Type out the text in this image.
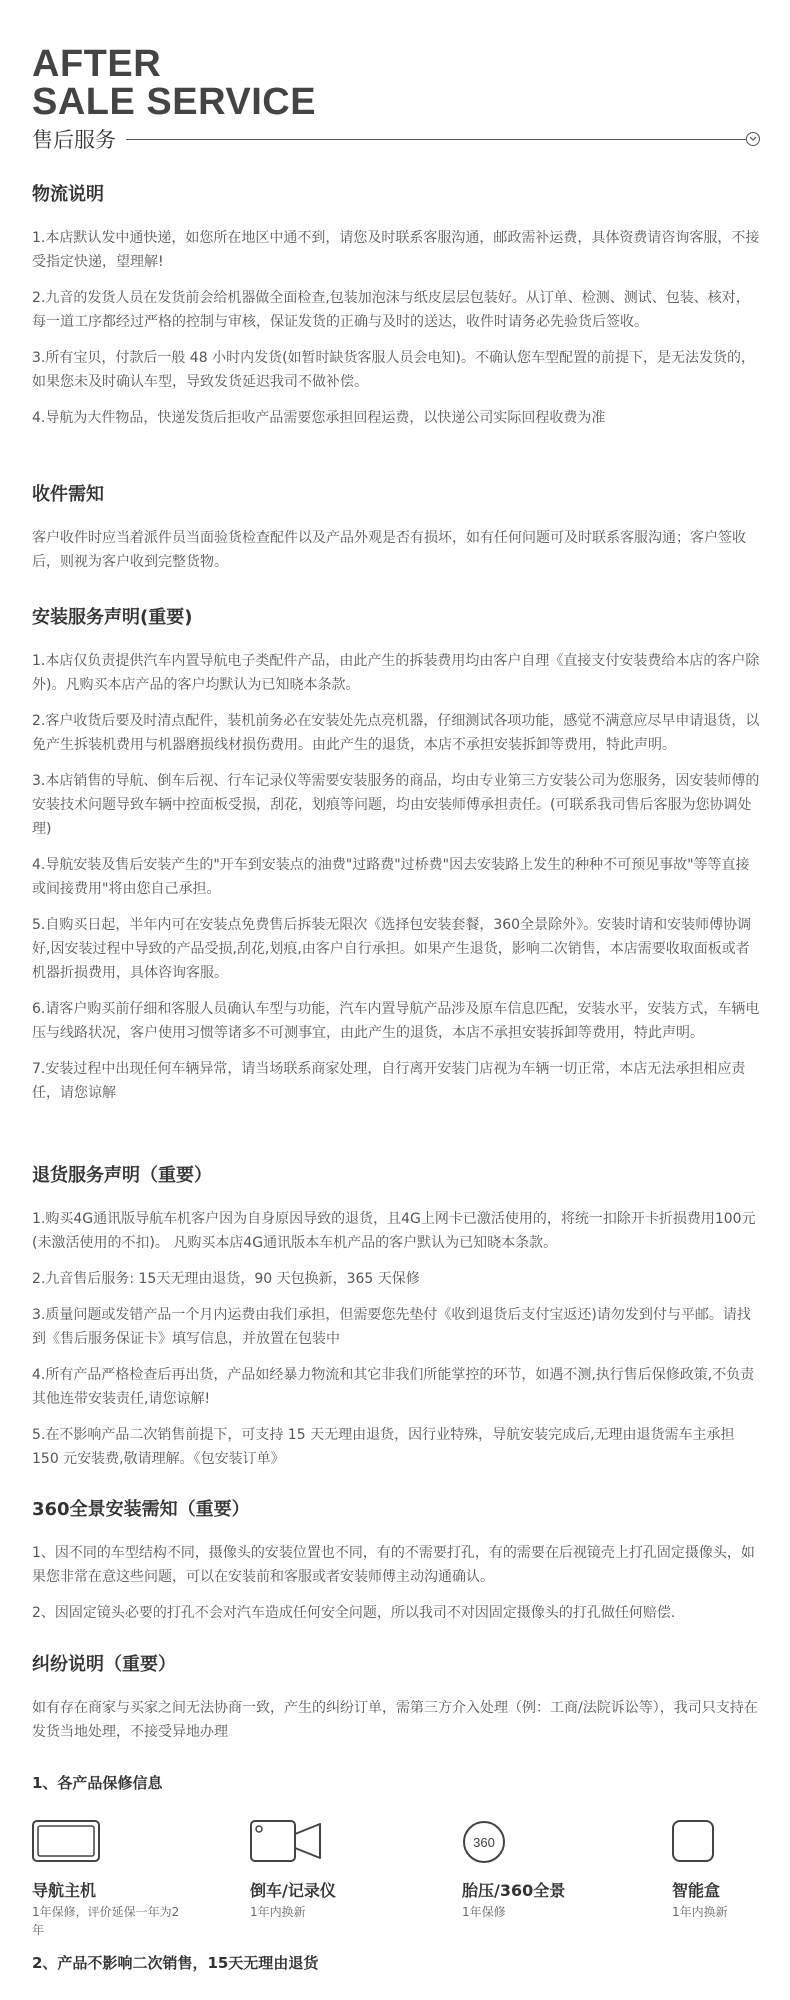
AFTER
SALE SERVICE
售后服务
物流说明

1.本店默认发中通快递，如您所在地区中通不到，请您及时联系客服沟通，邮政需补运费，具体资费请咨询客服，不接受指定快递，望理解!

2.九音的发货人员在发货前会给机器做全面检查,包装加泡沫与纸皮层层包装好。从订单、检测、测试、包装、核对，每一道工序都经过严格的控制与审核，保证发货的正确与及时的送达，收件时请务必先验货后签收。

3.所有宝贝，付款后一般 48 小时内发货(如暂时缺货客服人员会电知)。不确认您车型配置的前提下，是无法发货的，如果您未及时确认车型，导致发货延迟我司不做补偿。

4.导航为大件物品，快递发货后拒收产品需要您承担回程运费，以快递公司实际回程收费为准

收件需知

客户收件时应当着派件员当面验货检查配件以及产品外观是否有损坏，如有任何问题可及时联系客服沟通；客户签收后，则视为客户收到完整货物。

安装服务声明(重要)

1.本店仅负责提供汽车内置导航电子类配件产品，由此产生的拆装费用均由客户自理《直接支付安装费给本店的客户除外)。凡购买本店产品的客户均默认为已知晓本条款。

2.客户收货后要及时清点配件，装机前务必在安装处先点亮机器，仔细测试各项功能，感觉不满意应尽早申请退货，以免产生拆装机费用与机器磨损线材损伤费用。由此产生的退货，本店不承担安装拆卸等费用，特此声明。

3.本店销售的导航、倒车后视、行车记录仪等需要安装服务的商品，均由专业第三方安装公司为您服务，因安装师傅的安装技术问题导致车辆中控面板受损，刮花，划痕等问题，均由安装师傅承担责任。(可联系我司售后客服为您协调处理)

4.导航安装及售后安装产生的"开车到安装点的油费"过路费"过桥费"因去安装路上发生的种种不可预见事故"等等直接或间接费用"将由您自己承担。

5.自购买日起，半年内可在安装点免费售后拆装无限次《选择包安装套餐，360全景除外》。安装时请和安装师傅协调好,因安装过程中导致的产品受损,刮花,划痕,由客户自行承担。如果产生退货，影响二次销售，本店需要收取面板或者机器折损费用，具体咨询客服。

6.请客户购买前仔细和客服人员确认车型与功能，汽车内置导航产品涉及原车信息匹配，安装水平，安装方式，车辆电压与线路状况，客户使用习惯等诸多不可测事宜，由此产生的退货，本店不承担安装拆卸等费用，特此声明。

7.安装过程中出现任何车辆异常，请当场联系商家处理，自行离开安装门店视为车辆一切正常，本店无法承担相应责任，请您谅解

退货服务声明（重要）

1.购买4G通讯版导航车机客户因为自身原因导致的退货，且4G上网卡已激活使用的，将统一扣除开卡折损费用100元(未激活使用的不扣)。 凡购买本店4G通讯版本车机产品的客户默认为已知晓本条款。

2.九音售后服务: 15天无理由退货，90 天包换新，365 天保修

3.质量问题或发错产品一个月内运费由我们承担，但需要您先垫付《收到退货后支付宝返还)请勿发到付与平邮。请找到《售后服务保证卡》填写信息，并放置在包装中

4.所有产品严格检查后再出货，产品如经暴力物流和其它非我们所能掌控的环节，如遇不测,执行售后保修政策,不负责其他连带安装责任,请您谅解!

5.在不影响产品二次销售前提下，可支持 15 天无理由退货，因行业特殊，导航安装完成后,无理由退货需车主承担 150 元安装费,敬请理解。《包安装订单》

360全景安装需知（重要）

1、因不同的车型结构不同，摄像头的安装位置也不同，有的不需要打孔，有的需要在后视镜壳上打孔固定摄像头，如果您非常在意这些问题，可以在安装前和客服或者安装师傅主动沟通确认。

2、因固定镜头必要的打孔不会对汽车造成任何安全问题，所以我司不对因固定摄像头的打孔做任何赔偿.

纠纷说明（重要）

如有存在商家与买家之间无法协商一致，产生的纠纷订单，需第三方介入处理（例：工商/法院诉讼等），我司只支持在发货当地处理，不接受异地办理

1、各产品保修信息
导航主机
1年保修，评价延保一年为2年
倒车/记录仪
1年内换新
360
胎压/360全景
1年保修
智能盒
1年内换新
2、产品不影响二次销售，15天无理由退货
